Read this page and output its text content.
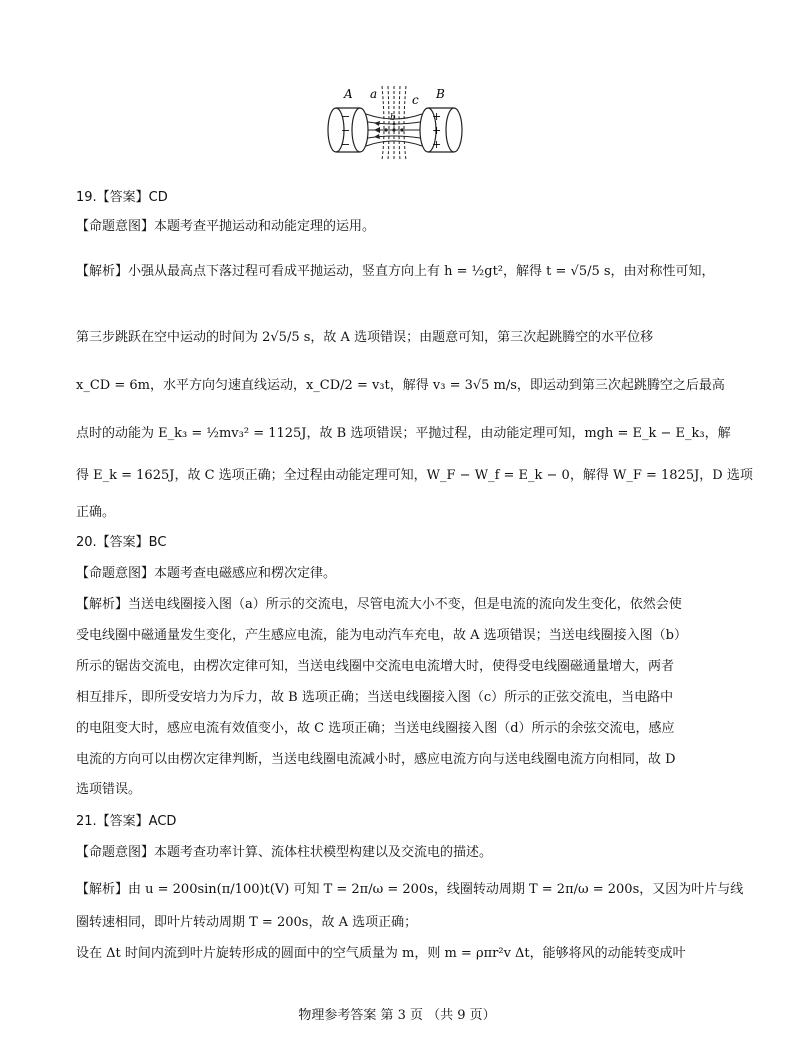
A a	c B
b
−
−
−
+
+
+
19.【答案】CD
【命题意图】本题考查平抛运动和动能定理的运用。
【解析】小强从最高点下落过程可看成平抛运动，竖直方向上有 h = ½gt²，解得 t = √5/5 s，由对称性可知，
第三步跳跃在空中运动的时间为 2√5/5 s，故 A 选项错误；由题意可知，第三次起跳腾空的水平位移
x_CD = 6m，水平方向匀速直线运动，x_CD/2 = v₃t，解得 v₃ = 3√5 m/s，即运动到第三次起跳腾空之后最高
点时的动能为 E_k₃ = ½mv₃² = 1125J，故 B 选项错误；平抛过程，由动能定理可知，mgh = E_k − E_k₃，解
得 E_k = 1625J，故 C 选项正确；全过程由动能定理可知，W_F − W_f = E_k − 0，解得 W_F = 1825J，D 选项
正确。
20.【答案】BC
【命题意图】本题考查电磁感应和楞次定律。
【解析】当送电线圈接入图（a）所示的交流电，尽管电流大小不变，但是电流的流向发生变化，依然会使
受电线圈中磁通量发生变化，产生感应电流，能为电动汽车充电，故 A 选项错误；当送电线圈接入图（b）
所示的锯齿交流电，由楞次定律可知，当送电线圈中交流电电流增大时，使得受电线圈磁通量增大，两者
相互排斥，即所受安培力为斥力，故 B 选项正确；当送电线圈接入图（c）所示的正弦交流电，当电路中
的电阻变大时，感应电流有效值变小，故 C 选项正确；当送电线圈接入图（d）所示的余弦交流电，感应
电流的方向可以由楞次定律判断，当送电线圈电流减小时，感应电流方向与送电线圈电流方向相同，故 D
选项错误。
21.【答案】ACD
【命题意图】本题考查功率计算、流体柱状模型构建以及交流电的描述。
【解析】由 u = 200sin(π/100)t(V) 可知 T = 2π/ω = 200s，线圈转动周期 T = 2π/ω = 200s，又因为叶片与线
圈转速相同，即叶片转动周期 T = 200s，故 A 选项正确；
设在 Δt 时间内流到叶片旋转形成的圆面中的空气质量为 m，则 m = ρπr²v Δt，能够将风的动能转变成叶
物理参考答案 第 3 页 （共 9 页）
